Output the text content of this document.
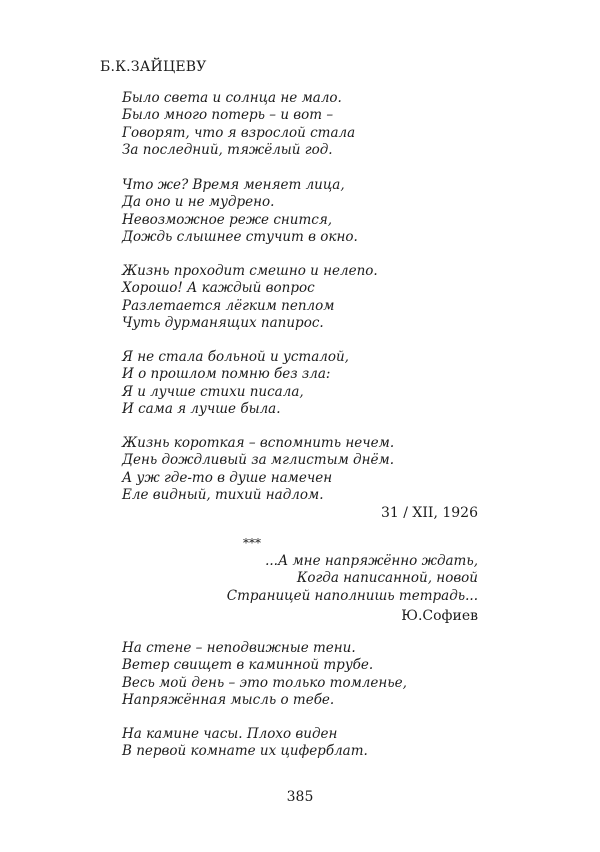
Б.К.ЗАЙЦЕВУ
Было света и солнца не мало.
Было много потерь – и вот –
Говорят, что я взрослой стала
За последний, тяжёлый год.
Что же? Время меняет лица,
Да оно и не мудрено.
Невозможное реже снится,
Дождь слышнее стучит в окно.
Жизнь проходит смешно и нелепо.
Хорошо! А каждый вопрос
Разлетается лёгким пеплом
Чуть дурманящих папирос.
Я не стала больной и усталой,
И о прошлом помню без зла:
Я и лучше стихи писала,
И сама я лучше была.
Жизнь короткая – вспомнить нечем.
День дождливый за мглистым днём.
А уж где-то в душе намечен
Еле видный, тихий надлом.
31 / XII, 1926
***
...А мне напряжённо ждать,
Когда написанной, новой
Страницей наполнишь тетрадь...
Ю.Софиев
На стене – неподвижные тени.
Ветер свищет в каминной трубе.
Весь мой день – это только томленье,
Напряжённая мысль о тебе.
На камине часы. Плохо виден
В первой комнате их циферблат.
385
